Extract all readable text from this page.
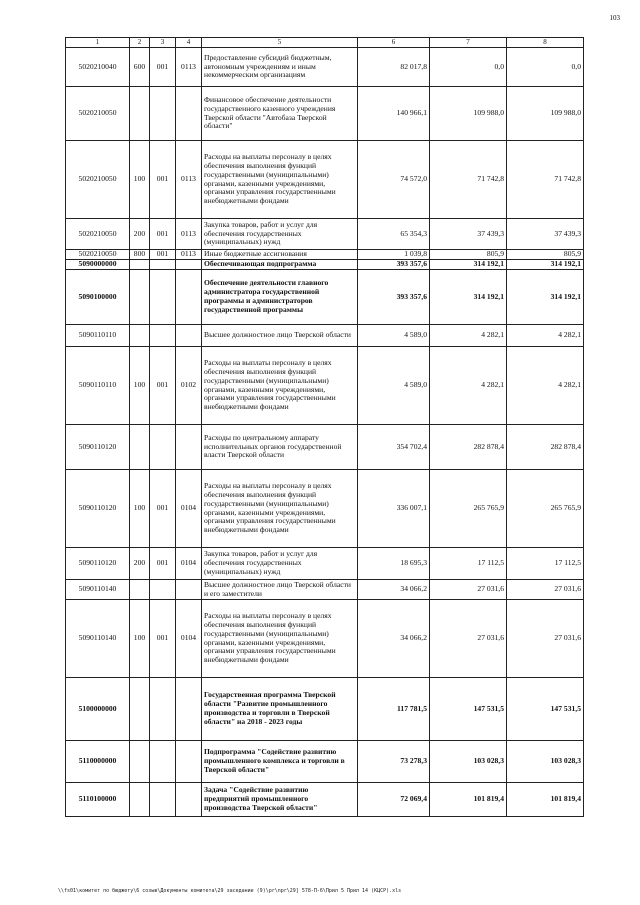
103
1	2	3	4	5	6	7	8
5020210040	600	001	0113	Предоставление субсидий бюджетным, автономным учреждениям и иным некоммерческим организациям	82 017,8	0,0	0,0
5020210050				Финансовое обеспечение деятельности государственного казенного учреждения Тверской области "Автобаза Тверской области"	140 966,1	109 988,0	109 988,0
5020210050	100	001	0113	Расходы на выплаты персоналу в целях обеспечения выполнения функций государственными (муниципальными) органами, казенными учреждениями, органами управления государственными внебюджетными фондами	74 572,0	71 742,8	71 742,8
5020210050	200	001	0113	Закупка товаров, работ и услуг для обеспечения государственных (муниципальных) нужд	65 354,3	37 439,3	37 439,3
5020210050	800	001	0113	Иные бюджетные ассигнования	1 039,8	805,9	805,9
5090000000				Обеспечивающая подпрограмма	393 357,6	314 192,1	314 192,1
5090100000				Обеспечение деятельности главного администратора государственной программы и администраторов государственной программы	393 357,6	314 192,1	314 192,1
5090110110				Высшее должностное лицо Тверской области	4 589,0	4 282,1	4 282,1
5090110110	100	001	0102	Расходы на выплаты персоналу в целях обеспечения выполнения функций государственными (муниципальными) органами, казенными учреждениями, органами управления государственными внебюджетными фондами	4 589,0	4 282,1	4 282,1
5090110120				Расходы по центральному аппарату исполнительных органов государственной власти Тверской области	354 702,4	282 878,4	282 878,4
5090110120	100	001	0104	Расходы на выплаты персоналу в целях обеспечения выполнения функций государственными (муниципальными) органами, казенными учреждениями, органами управления государственными внебюджетными фондами	336 007,1	265 765,9	265 765,9
5090110120	200	001	0104	Закупка товаров, работ и услуг для обеспечения государственных (муниципальных) нужд	18 695,3	17 112,5	17 112,5
5090110140				Высшее должностное лицо Тверской области и его заместители	34 066,2	27 031,6	27 031,6
5090110140	100	001	0104	Расходы на выплаты персоналу в целях обеспечения выполнения функций государственными (муниципальными) органами, казенными учреждениями, органами управления государственными внебюджетными фондами	34 066,2	27 031,6	27 031,6
5100000000				Государственная программа Тверской области "Развитие промышленного производства и торговли в Тверской области" на 2018 - 2023 годы	117 781,5	147 531,5	147 531,5
5110000000				Подпрограмма "Содействие развитию промышленного комплекса и торговли в Тверской области"	73 278,3	103 028,3	103 028,3
5110100000				Задача "Содействие развитию предприятий промышленного производства Тверской области"	72 069,4	101 819,4	101 819,4
\\fs01\комитет по бюджету\6 созыв\Документы комитета\29 заседание (9)\pr\npr\29] 578-П-6\Прил 5 Прил 14 (КЦСР).xls
